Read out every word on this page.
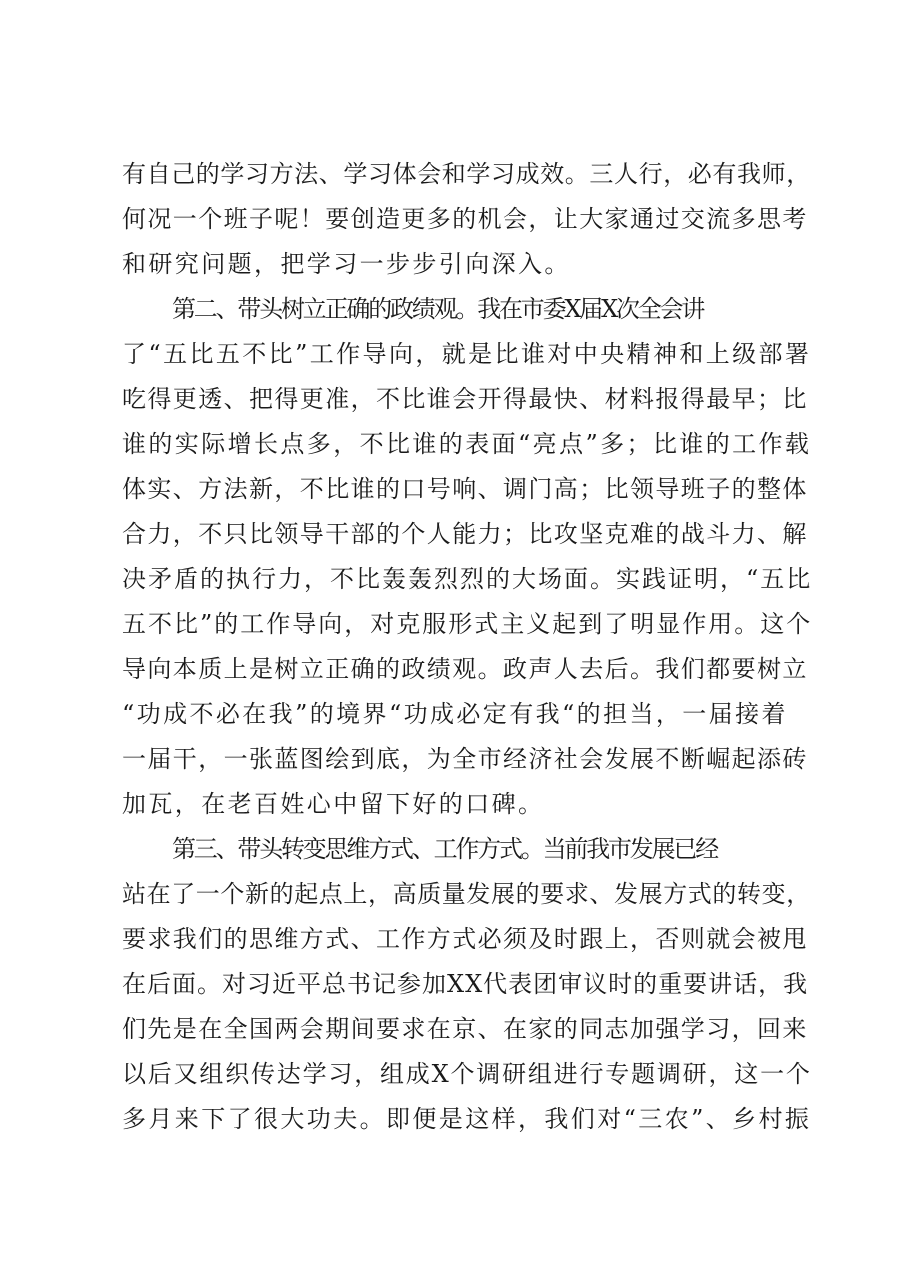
有自己的学习方法、学习体会和学习成效。三人行，必有我师，
何况一个班子呢！要创造更多的机会，让大家通过交流多思考
和研究问题，把学习一步步引向深入。
第二、带头树立正确的政绩观。我在市委X届X次全会讲
了“五比五不比”工作导向，就是比谁对中央精神和上级部署
吃得更透、把得更准，不比谁会开得最快、材料报得最早；比
谁的实际增长点多，不比谁的表面“亮点”多；比谁的工作载
体实、方法新，不比谁的口号响、调门高；比领导班子的整体
合力，不只比领导干部的个人能力；比攻坚克难的战斗力、解
决矛盾的执行力，不比轰轰烈烈的大场面。实践证明，“五比
五不比”的工作导向，对克服形式主义起到了明显作用。这个
导向本质上是树立正确的政绩观。政声人去后。我们都要树立
“功成不必在我”的境界“功成必定有我“的担当，一届接着
一届干，一张蓝图绘到底，为全市经济社会发展不断崛起添砖
加瓦，在老百姓心中留下好的口碑。
第三、带头转变思维方式、工作方式。当前我市发展已经
站在了一个新的起点上，高质量发展的要求、发展方式的转变，
要求我们的思维方式、工作方式必须及时跟上，否则就会被甩
在后面。对习近平总书记参加XX代表团审议时的重要讲话，我
们先是在全国两会期间要求在京、在家的同志加强学习，回来
以后又组织传达学习，组成X个调研组进行专题调研，这一个
多月来下了很大功夫。即便是这样，我们对“三农”、乡村振
